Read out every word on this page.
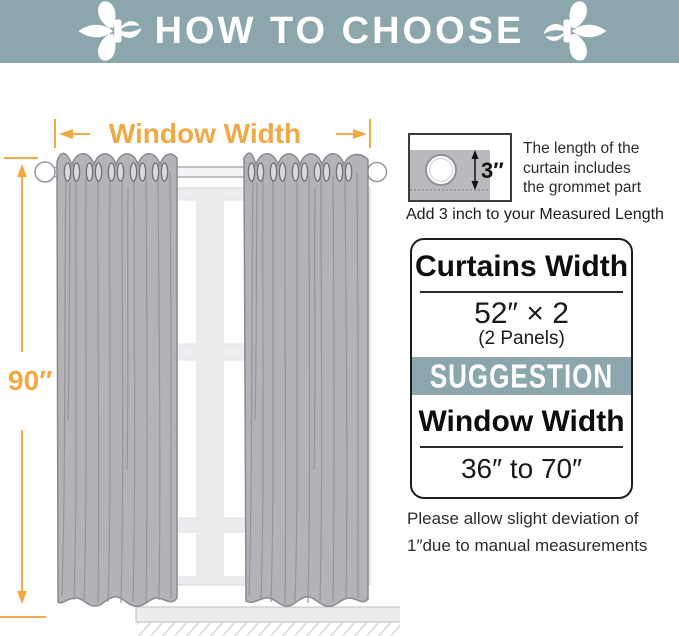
HOW TO CHOOSE
Window Width
90″
3″
The length of the
curtain includes
the grommet part
Add 3 inch to your Measured Length
Curtains Width
52″ × 2
(2 Panels)
SUGGESTION
Window Width
36″ to 70″
Please allow slight deviation of
1″due to manual measurements
